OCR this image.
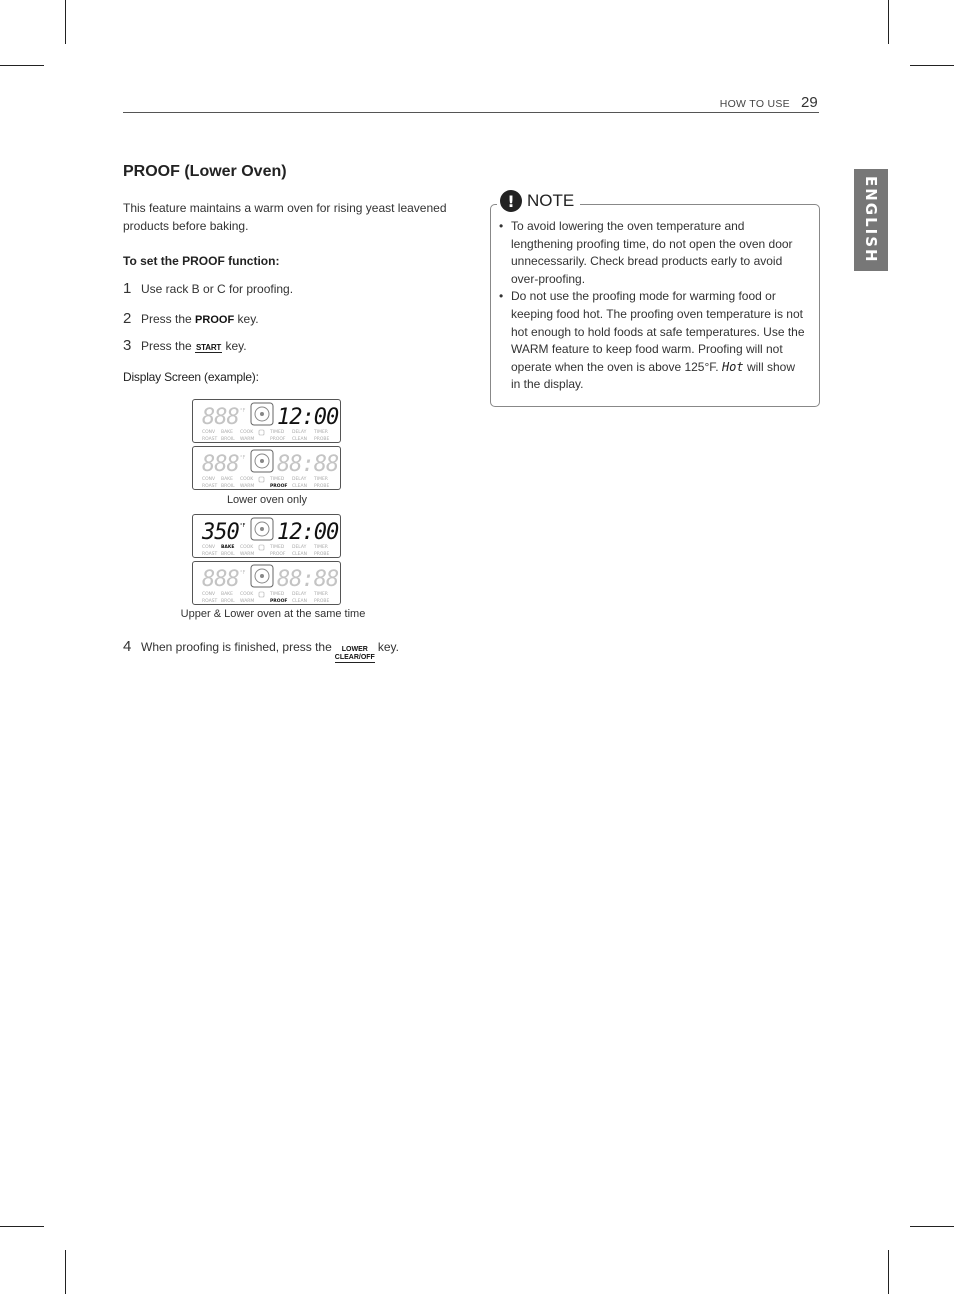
HOW TO USE 29
ENGLISH
PROOF (Lower Oven)

This feature maintains a warm oven for rising yeast leavened products before baking.

To set the PROOF function:
1 Use rack B or C for proofing.
2 Press the
PROOF
key.
3 Press the
START
key.
Display Screen (example):
888 °F 12:00
CONV BAKE COOK	TIMED DELAY TIMER
ROAST BROIL WARM	PROOF CLEAN PROBE
888 °F 88:88
CONV BAKE COOK	TIMED DELAY TIMER
ROAST BROIL WARM	PROOF CLEAN PROBE
Lower oven only
350 °F 12:00
CONV BAKE COOK	TIMED DELAY TIMER
ROAST BROIL WARM	PROOF CLEAN PROBE
888 °F 88:88
CONV BAKE COOK	TIMED DELAY TIMER
ROAST BROIL WARM	PROOF CLEAN PROBE
Upper & Lower oven at the same time
4 When proofing is finished, press the LOWER
CLEAR/OFF
key.
! NOTE
• To avoid lowering the oven temperature and lengthening proofing time, do not open the oven door unnecessarily. Check bread products early to avoid over-proofing.
• Do not use the proofing mode for warming food or keeping food hot. The proofing oven temperature is not hot enough to hold foods at safe temperatures. Use the WARM feature to keep food warm. Proofing will not operate when the oven is above 125°F. Hot will show in the display.
